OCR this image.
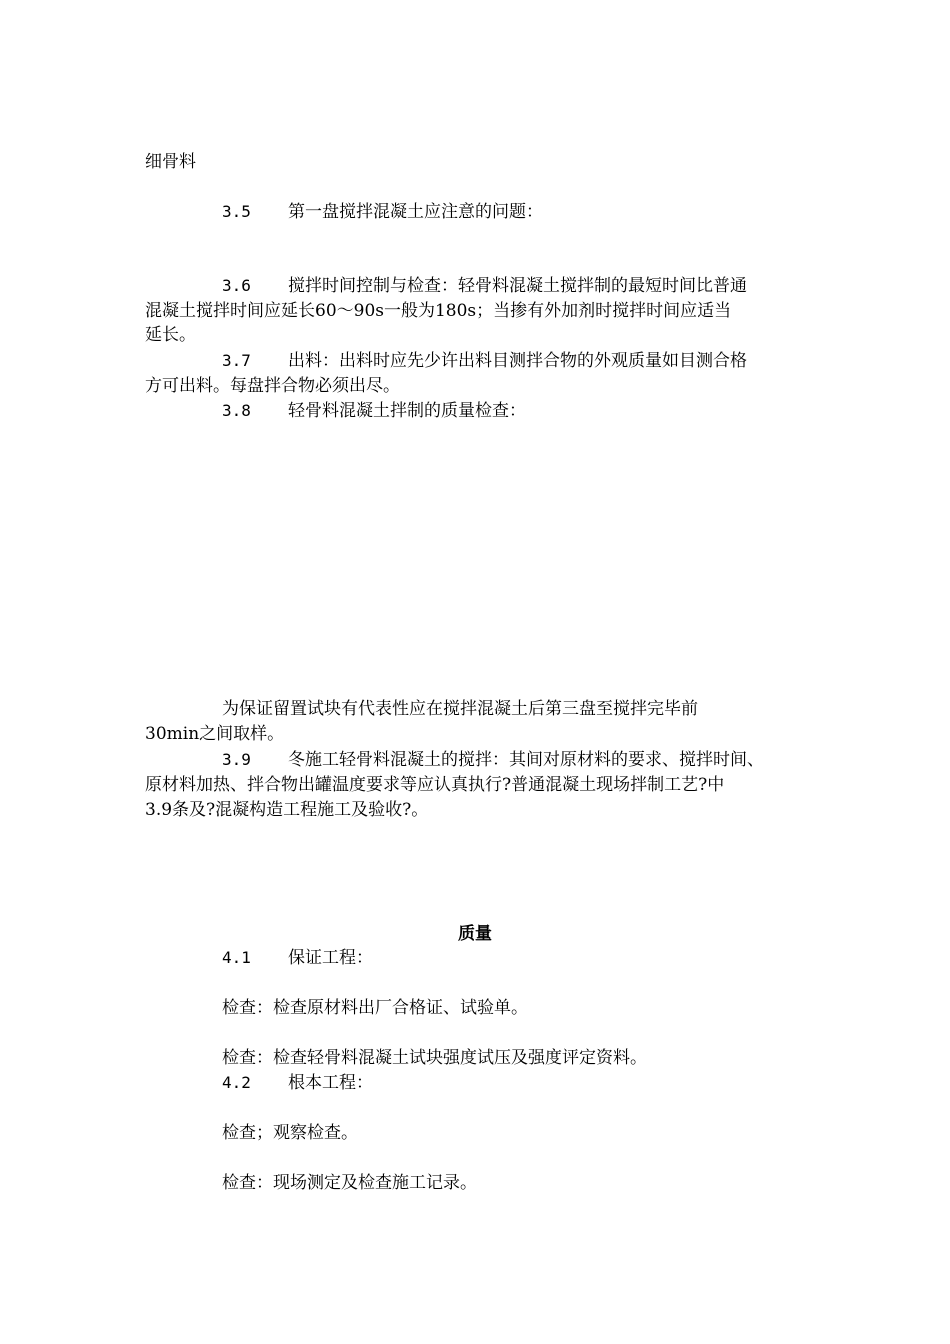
细骨料
3.5 第一盘搅拌混凝土应注意的问题：
3.6 搅拌时间控制与检查：轻骨料混凝土搅拌制的最短时间比普通
混凝土搅拌时间应延长60～90s一般为180s；当掺有外加剂时搅拌时间应适当
延长。
3.7 出料：出料时应先少许出料目测拌合物的外观质量如目测合格
方可出料。每盘拌合物必须出尽。
3.8 轻骨料混凝土拌制的质量检查：
为保证留置试块有代表性应在搅拌混凝土后第三盘至搅拌完毕前
30min之间取样。
3.9 冬施工轻骨料混凝土的搅拌：其间对原材料的要求、搅拌时间、
原材料加热、拌合物出罐温度要求等应认真执行?普通混凝土现场拌制工艺?中
3.9条及?混凝构造工程施工及验收?。
质量
4.1 保证工程：
检查：检查原材料出厂合格证、试验单。
检查：检查轻骨料混凝土试块强度试压及强度评定资料。
4.2 根本工程：
检查；观察检查。
检查：现场测定及检查施工记录。
